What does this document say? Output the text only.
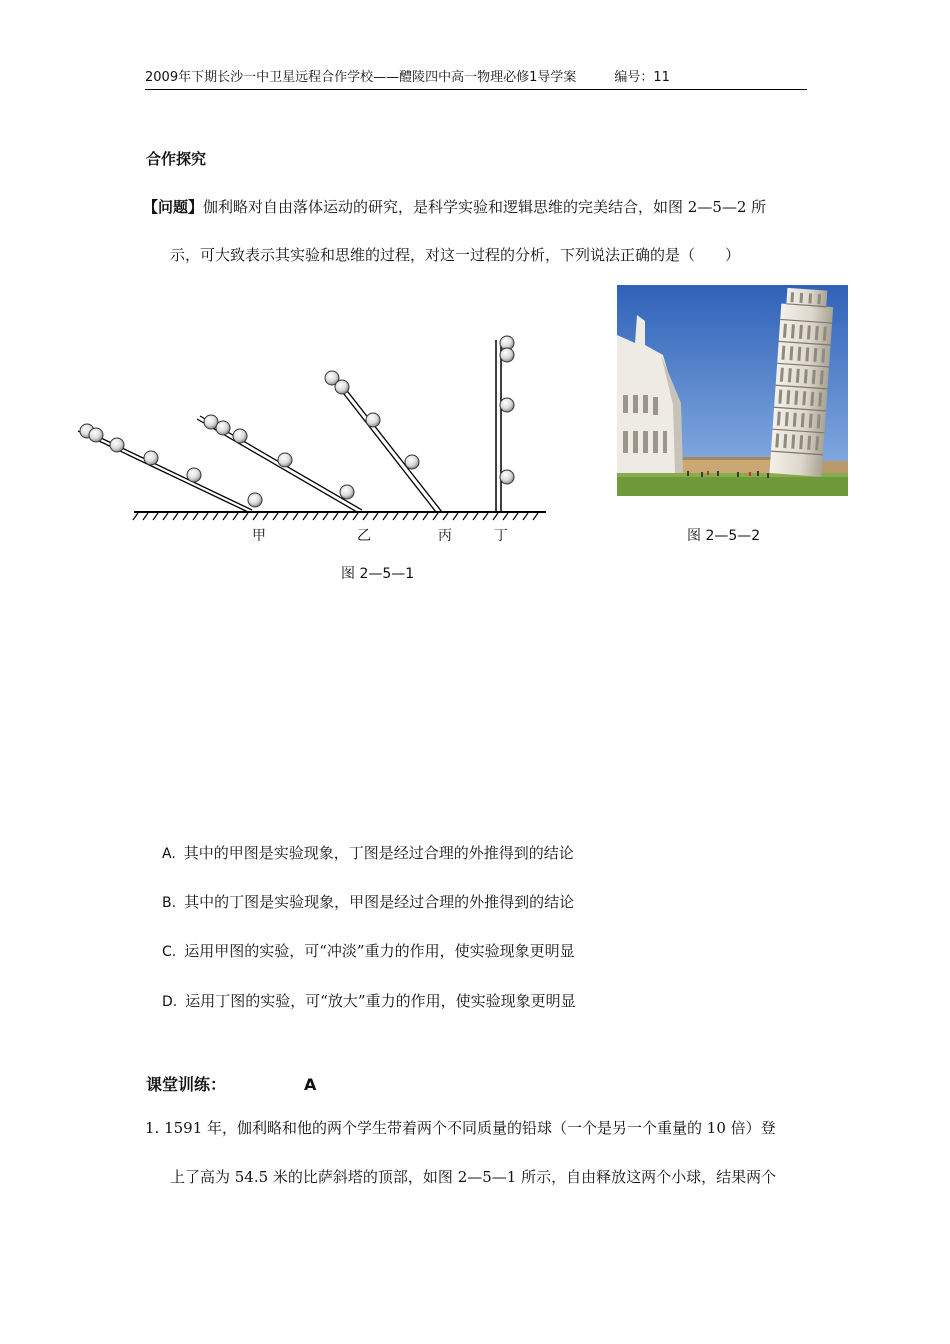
2009年下期长沙一中卫星远程合作学校——醴陵四中高一物理必修1导学案	编号：11
合作探究
【问题】伽利略对自由落体运动的研究，是科学实验和逻辑思维的完美结合，如图 2—5—2 所
示，可大致表示其实验和思维的过程，对这一过程的分析，下列说法正确的是（　　）
甲	乙	丙	丁
图 2—5—1
图 2—5—2
A. 其中的甲图是实验现象，丁图是经过合理的外推得到的结论
B. 其中的丁图是实验现象，甲图是经过合理的外推得到的结论
C. 运用甲图的实验，可“冲淡”重力的作用，使实验现象更明显
D. 运用丁图的实验，可“放大”重力的作用，使实验现象更明显
课堂训练：	A
1. 1591 年，伽利略和他的两个学生带着两个不同质量的铅球（一个是另一个重量的 10 倍）登
上了高为 54.5 米的比萨斜塔的顶部，如图 2—5—1 所示，自由释放这两个小球，结果两个
